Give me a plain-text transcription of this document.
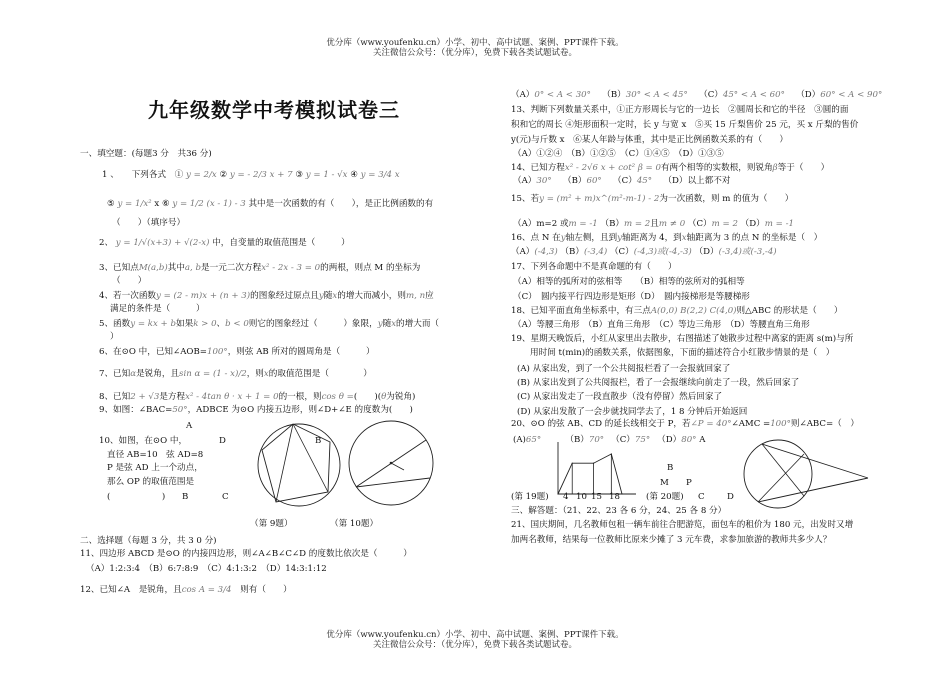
优分库（www.youfenku.cn）小学、初中、高中试题、案例、PPT课件下载。
关注微信公众号：（优分库），免费下载各类试题试卷。
九年级数学中考模拟试卷三
一、填空题：(每题3 分　共36 分)
1 、　　下列各式　① y = 2/x ② y = - 2/3 x + 7 ③ y = 1 - √x ④ y = 3/4 x
⑤ y = 1/x² x ⑥ y = 1/2 (x - 1) - 3 其中是一次函数的有（　　），是正比例函数的有
（　　）（填序号）
2、 y = 1/√(x+3) + √(2-x) 中，自变量的取值范围是（　　　）
3、已知点M(a,b)其中a, b是一元二次方程x² - 2x - 3 = 0的两根，则点 M 的坐标为
（　　）
4、若一次函数y = (2 - m)x + (n + 3)的图象经过原点且y随x的增大而减小，则m, n应
满足的条件是（　　　）
5、函数y = kx + b如果k > 0、b < 0则它的图象经过（　　　）象限，y随x的增大而（
）
6、在⊙O 中，已知∠AOB=100°，则弦 AB 所对的圆周角是（　　　）
7、已知α是锐角，且sin α = (1 - x)/2，则x的取值范围是（　　　　）
8、已知2 + √3是方程x² - 4tan θ · x + 1 = 0的一根，则cos θ =(　　)(θ为锐角)
9、如图：∠BAC=50°，ADBCE 为⊙O 内接五边形，则∠D+∠E 的度数为(　　)
A
10、如图，在⊙O 中，	D	B
直径 AB=10　弦 AD=8
P 是弦 AD 上一个动点，
那么 OP 的取值范围是
(　　　　　　) B	C
（第 9题）	（第 10题）
二、选择题（每题 3 分，共 3 0 分)
11、四边形 ABCD 是⊙O 的内接四边形，则∠A∠B∠C∠D 的度数比依次是（　　　）
（A）1:2:3:4　（B）6:7:8:9　（C）4:1:3:2　（D）14:3:1:12
12、已知∠A　是锐角，且cos A = 3/4　则有（　　）
（A）0° < A < 30°　 （B）30° < A < 45°　 （C）45° < A < 60°　 （D）60° < A < 90°
13、判断下列数量关系中，①正方形周长与它的一边长　②圆周长和它的半径　③圆的面
积和它的周长 ④矩形面积一定时，长 y 与宽 x　⑤买 15 斤梨售价 25 元，买 x 斤梨的售价
y(元)与斤数 x　⑥某人年龄与体重，其中是正比例函数关系的有（　　）
（A）①②④　（B）①②⑤　（C）①④⑤　（D）①③⑤
14、已知方程x² - 2√6 x + cot² β = 0有两个相等的实数根，则锐角β等于（　　）
（A）30°　 （B）60°　 （C）45°　 （D）以上都不对
15、若y = (m² + m)x^(m²-m-1) - 2为一次函数，则 m 的值为（　　）
（A）m=2 或m = -1 （B）m = 2且m ≠ 0 （C）m = 2 （D）m = -1
16、点 N 在y轴左侧，且到y轴距离为 4，到x轴距离为 3 的点 N 的坐标是（　）
（A）(-4,3) （B）(-3,4) （C）(-4,3)或(-4,-3) （D）(-3,4)或(-3,-4)
17、下列各命题中不是真命题的有（　　）
（A）相等的弧所对的弦相等　　（B）相等的弦所对的弧相等
（C）　圆内接平行四边形是矩形（D）　圆内接梯形是等腰梯形
18、已知平面直角坐标系中，有三点A(0,0) B(2,2) C(4,0)则△ABC 的形状是（　　）
（A）等腰三角形　（B）直角三角形　（C）等边三角形　（D）等腰直角三角形
19、星期天晚饭后，小红从家里出去散步，右图描述了她散步过程中离家的距离 s(m)与所
用时间 t(min)的函数关系，依据图象，下面的描述符合小红散步情景的是（　）
(A) 从家出发，到了一个公共阅报栏看了一会报就回家了
(B) 从家出发到了公共阅报栏，看了一会报继续向前走了一段，然后回家了
(C) 从家出发走了一段直散步（没有停留）然后回家了
(D) 从家出发散了一会步就找同学去了，1 8 分钟后开始返回
20、⊙O 的弦 AB、CD 的延长线相交于 P，若∠P = 40°∠AMC =100°则∠ABC=（　）
(A)65° 　　　	（B）70° 　 （C）75° 　 （D）80° A
B
M P
(第 19题) 4 10 15 18	(第 20题) C	D
三、解答题：（21、22、23 各 6 分，24、25 各 8 分）
21、国庆期间，几名教师包租一辆车前往合肥游览，面包车的租价为 180 元，出发时又增
加两名教师，结果每一位教师比原来少摊了 3 元车费，求参加旅游的教师共多少人？
优分库（www.youfenku.cn）小学、初中、高中试题、案例、PPT课件下载。
关注微信公众号：（优分库），免费下载各类试题试卷。
